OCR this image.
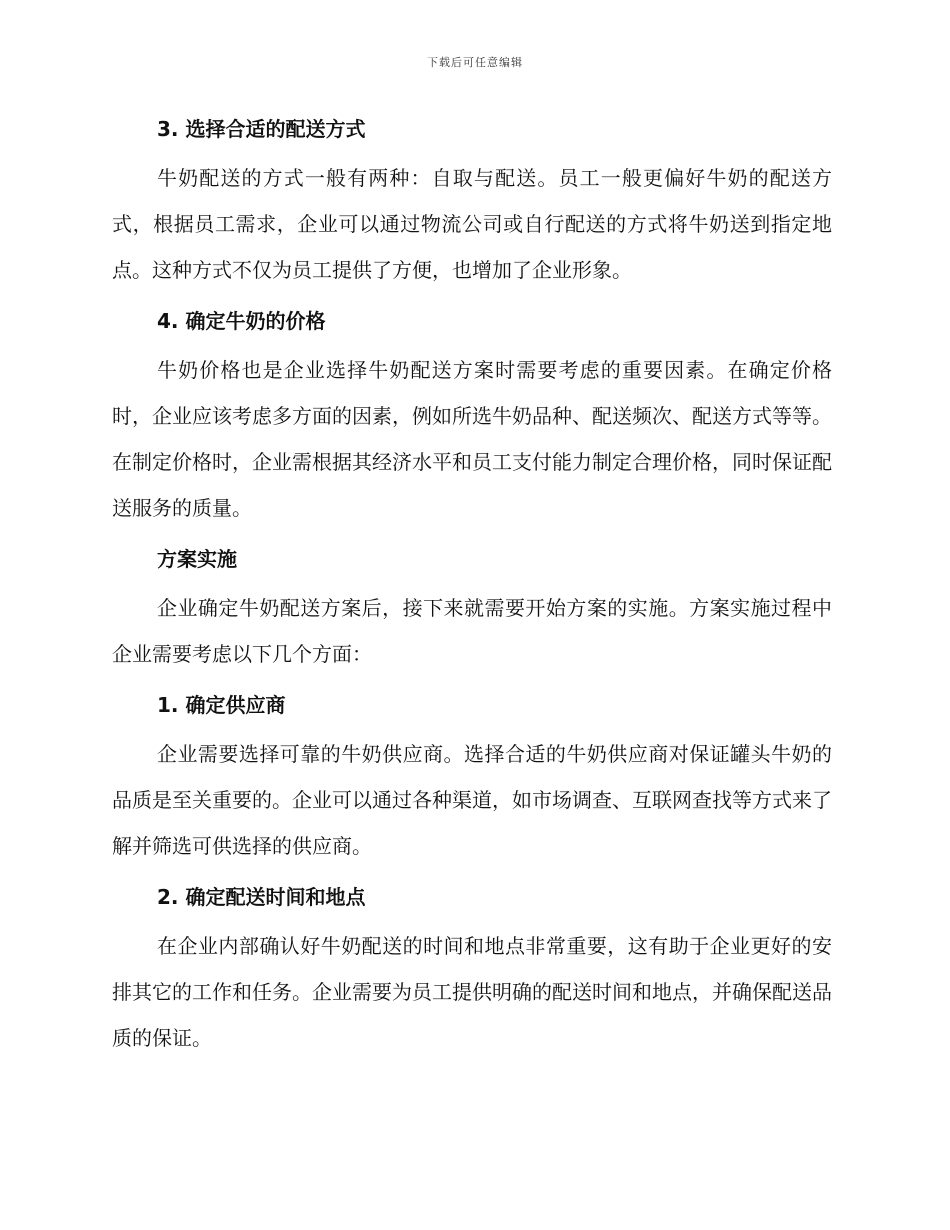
下载后可任意编辑
3. 选择合适的配送方式

牛奶配送的方式一般有两种：自取与配送。员工一般更偏好牛奶的配送方式，根据员工需求，企业可以通过物流公司或自行配送的方式将牛奶送到指定地点。这种方式不仅为员工提供了方便，也增加了企业形象。

4. 确定牛奶的价格

牛奶价格也是企业选择牛奶配送方案时需要考虑的重要因素。在确定价格时，企业应该考虑多方面的因素，例如所选牛奶品种、配送频次、配送方式等等。在制定价格时，企业需根据其经济水平和员工支付能力制定合理价格，同时保证配送服务的质量。

方案实施

企业确定牛奶配送方案后，接下来就需要开始方案的实施。方案实施过程中企业需要考虑以下几个方面：

1. 确定供应商

企业需要选择可靠的牛奶供应商。选择合适的牛奶供应商对保证罐头牛奶的品质是至关重要的。企业可以通过各种渠道，如市场调查、互联网查找等方式来了解并筛选可供选择的供应商。

2. 确定配送时间和地点

在企业内部确认好牛奶配送的时间和地点非常重要，这有助于企业更好的安排其它的工作和任务。企业需要为员工提供明确的配送时间和地点，并确保配送品质的保证。
